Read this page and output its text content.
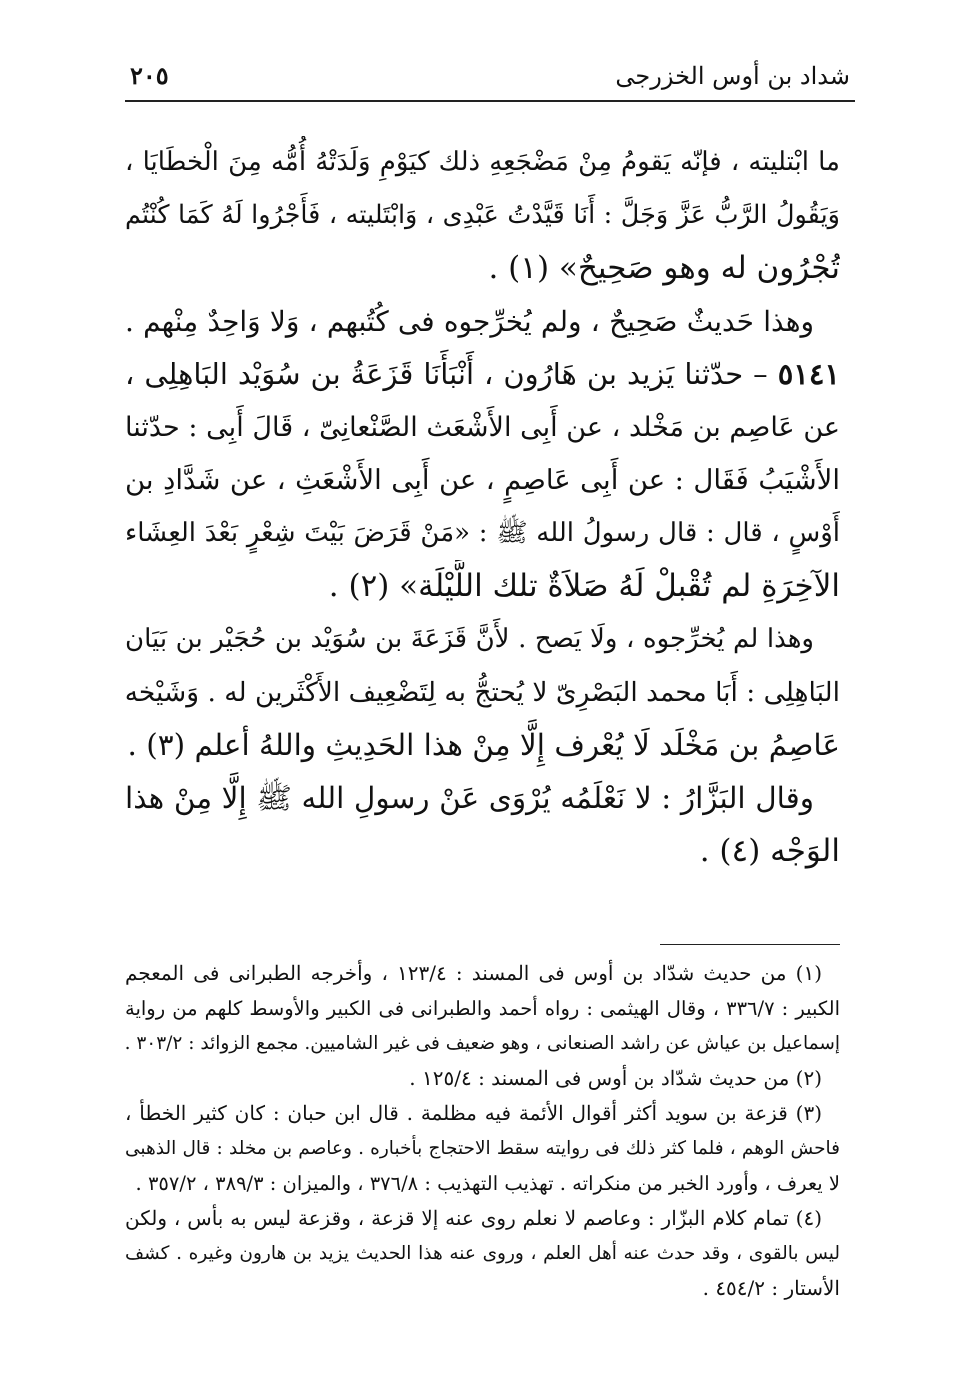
شداد بن أوس الخزرجى
٢٠٥
ما ابْتليته ، فإنّه يَقومُ مِنْ مَضْجَعِهِ ذلك كيَوْمِ وَلَدَتْهُ أُمُّه مِنَ الْخطَايَا ،
وَيَقُولُ الرَّبُّ عَزَّ وَجَلَّ : أَنَا قَيَّدْتُ عَبْدِى ، وَابْتَليته ، فَأَجْرُوا لَهُ كَمَا كُنْتُم
تُجْرُون له وهو صَحِيحٌ» (١) .
وهذا حَديثٌ صَحِيحٌ ، ولم يُخرِّجوه فى كُتُبهم ، وَلا وَاحِدٌ مِنْهم .
٥١٤١ – حدّثنا يَزيد بن هَارُون ، أَنْبَأَنَا قَزَعَةُ بن سُوَيْد البَاهِلِى ،
عن عَاصِم بن مَخْلد ، عن أَبِى الأَشْعَث الصَّنْعانِىّ ، قَالَ أَبِى : حدّثنا
الأَشْيَبُ فَقَال : عن أَبِى عَاصِمٍ ، عن أَبِى الأَشْعَثِ ، عن شَدَّادِ بن
أَوْسٍ ، قال : قال رسولُ الله ﷺ : «مَنْ قَرَضَ بَيْتَ شِعْرٍ بَعْدَ العِشَاء
الآخِرَةِ لم تُقْبلْ لَهُ صَلاَةٌ تلك اللَّيْلَة» (٢) .
وهذا لم يُخرِّجوه ، ولَا يَصح . لأَنَّ قَزَعَةَ بن سُوَيْد بن حُجَيْر بن بَيَان
البَاهِلِى : أَبَا محمد البَصْرِىّ لا يُحتجُّ به لِتَضْعِيف الأَكْثَرين له . وَشَيْخه
عَاصِمُ بن مَخْلَد لَا يُعْرف إِلَّا مِنْ هذا الحَدِيثِ واللهُ أعلم (٣) .
وقال البَزَّارُ : لا نَعْلَمُه يُرْوَى عَنْ رسولِ الله ﷺ إِلَّا مِنْ هذا
الوَجْه (٤) .
(١) من حديث شدّاد بن أوس فى المسند : ١٢٣/٤ ، وأخرجه الطبرانى فى المعجم
الكبير : ٣٣٦/٧ ، وقال الهيثمى : رواه أحمد والطبرانى فى الكبير والأوسط كلهم من رواية
إسماعيل بن عياش عن راشد الصنعانى ، وهو ضعيف فى غير الشاميين. مجمع الزوائد : ٣٠٣/٢ .
(٢) من حديث شدّاد بن أوس فى المسند : ١٢٥/٤ .
(٣) قزعة بن سويد أكثر أقوال الأئمة فيه مظلمة . قال ابن حبان : كان كثير الخطأ ،
فاحش الوهم ، فلما كثر ذلك فى روايته سقط الاحتجاج بأخباره . وعاصم بن مخلد : قال الذهبى
لا يعرف ، وأورد الخبر من منكراته . تهذيب التهذيب : ٣٧٦/٨ ، والميزان : ٣٨٩/٣ ، ٣٥٧/٢ .
(٤) تمام كلام البزّار : وعاصم لا نعلم روى عنه إلا قزعة ، وقزعة ليس به بأس ، ولكن
ليس بالقوى ، وقد حدث عنه أهل العلم ، وروى عنه هذا الحديث يزيد بن هارون وغيره . كشف
الأستار : ٤٥٤/٢ .
